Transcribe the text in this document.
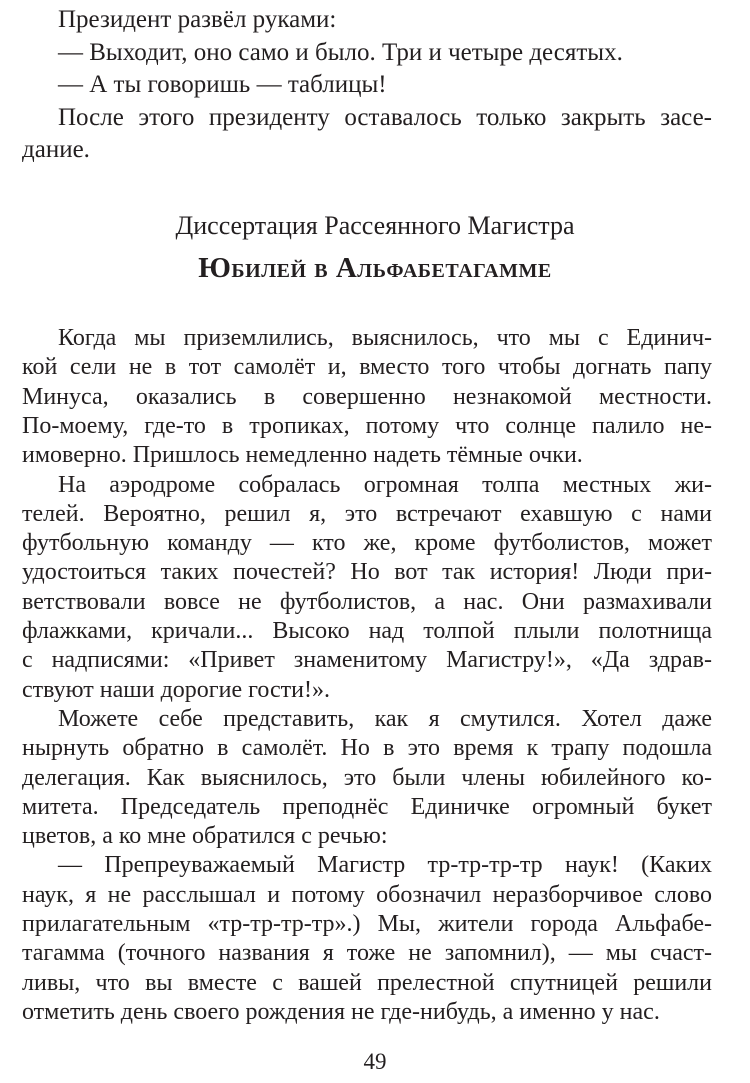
Президент развёл руками:
— Выходит, оно само и было. Три и четыре десятых.
— А ты говоришь — таблицы!
После этого президенту оставалось только закрыть засе-
дание.
Диссертация Рассеянного Магистра
Юбилей в Альфабетагамме
Когда мы приземлились, выяснилось, что мы с Единич-
кой сели не в тот самолёт и, вместо того чтобы догнать папу
Минуса, оказались в совершенно незнакомой местности.
По-моему, где-то в тропиках, потому что солнце палило не-
имоверно. Пришлось немедленно надеть тёмные очки.
На аэродроме собралась огромная толпа местных жи-
телей. Вероятно, решил я, это встречают ехавшую с нами
футбольную команду — кто же, кроме футболистов, может
удостоиться таких почестей? Но вот так история! Люди при-
ветствовали вовсе не футболистов, а нас. Они размахивали
флажками, кричали... Высоко над толпой плыли полотнища
с надписями: «Привет знаменитому Магистру!», «Да здрав-
ствуют наши дорогие гости!».
Можете себе представить, как я смутился. Хотел даже
нырнуть обратно в самолёт. Но в это время к трапу подошла
делегация. Как выяснилось, это были члены юбилейного ко-
митета. Председатель преподнёс Единичке огромный букет
цветов, а ко мне обратился с речью:
— Препреуважаемый Магистр тр-тр-тр-тр наук! (Каких
наук, я не расслышал и потому обозначил неразборчивое слово
прилагательным «тр-тр-тр-тр».) Мы, жители города Альфабе-
тагамма (точного названия я тоже не запомнил), — мы счаст-
ливы, что вы вместе с вашей прелестной спутницей решили
отметить день своего рождения не где-нибудь, а именно у нас.
49
